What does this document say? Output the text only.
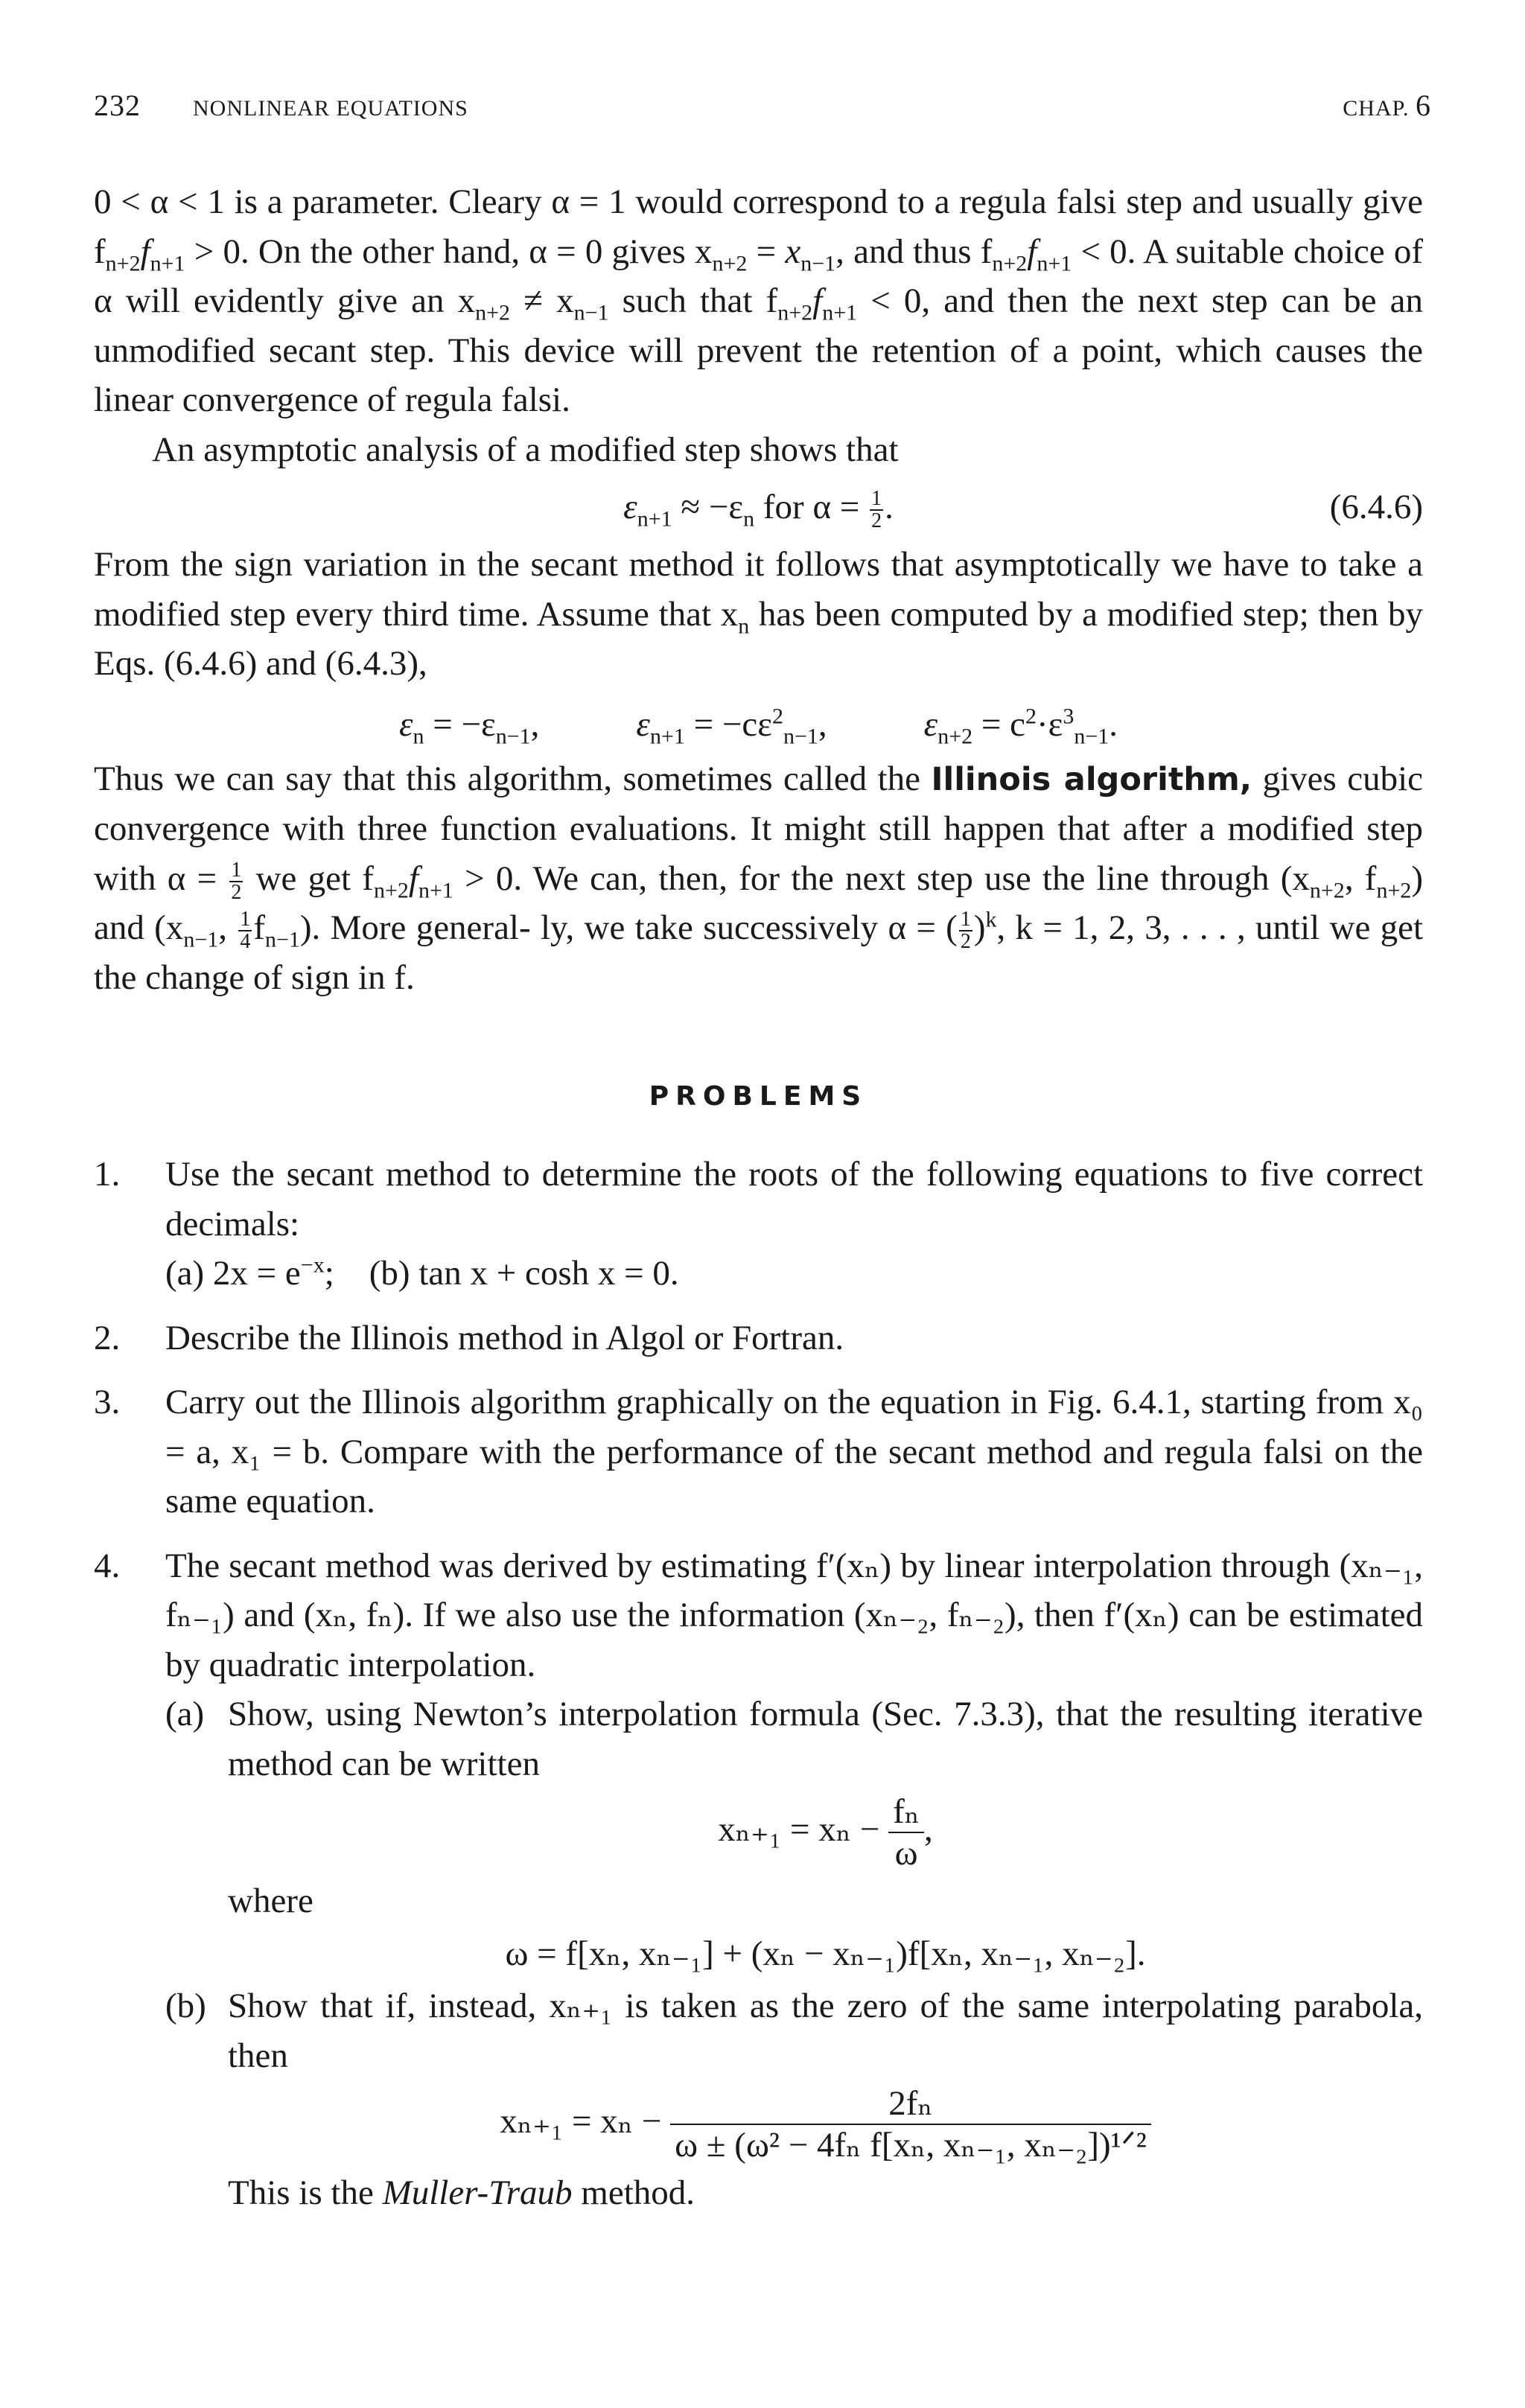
232 NONLINEAR EQUATIONS	CHAP. 6

0 < α < 1 is a parameter. Cleary α = 1 would correspond to a regula falsi step and usually give $f_{n+2}f_{n+1} > 0$. On the other hand, α = 0 gives $x_{n+2} = x_{n-1}$, and thus $f_{n+2}f_{n+1} < 0$. A suitable choice of α will evidently give an $x_{n+2} \ne x_{n-1}$ such that $f_{n+2}f_{n+1} < 0$, and then the next step can be an unmodified secant step. This device will prevent the retention of a point, which causes the linear convergence of regula falsi.

An asymptotic analysis of a modified step shows that

$\varepsilon_{n+1} \approx -\varepsilon_n$ for $\alpha = \frac{1}{2}$ .	(6.4.6)

From the sign variation in the secant method it follows that asymptotically we have to take a modified step every third time. Assume that $x_n$ has been computed by a modified step; then by Eqs. (6.4.6) and (6.4.3),

$\varepsilon_n = -\varepsilon_{n-1}$,	$\varepsilon_{n+1} = -c\varepsilon^2_{n-1}$,	$\varepsilon_{n+2} = c^2\cdot\varepsilon^3_{n-1}$.

Thus we can say that this algorithm, sometimes called the Illinois algorithm, gives cubic convergence with three function evaluations. It might still happen that after a modified step with $\alpha = \frac{1}{2}$ we get $f_{n+2}f_{n+1} > 0$. We can, then, for the next step use the line through ($x_{n+2}$, $f_{n+2}$) and ($x_{n-1}$, $\frac{1}{4} f_{n-1}$). More general- ly, we take successively α = ( $\frac{1}{2} )^k$, k = 1, 2, 3, . . . , until we get the change of sign in f.

PROBLEMS
1.	Use the secant method to determine the roots of the following equations to five correct decimals:
(a) $2x = e^{-x}$; (b) tan x + cosh x = 0.
2.	Describe the Illinois method in Algol or Fortran.
3.	Carry out the Illinois algorithm graphically on the equation in Fig. 6.4.1, starting from x₀ = a, x₁ = b. Compare with the performance of the secant method and regula falsi on the same equation.
4.	The secant method was derived by estimating f′(xₙ) by linear interpolation through (xₙ₋₁, fₙ₋₁) and (xₙ, fₙ). If we also use the information (xₙ₋₂, fₙ₋₂), then f′(xₙ) can be estimated by quadratic interpolation.
(a) Show, using Newton’s interpolation formula (Sec. 7.3.3), that the resulting iterative method can be written
$x_{n+1} = x_n - \frac{\text{fₙ}}{\omega}$ ,
where
ω = f[xₙ, xₙ₋₁] + (xₙ − xₙ₋₁)f[xₙ, xₙ₋₁, xₙ₋₂].
(b) Show that if, instead, xₙ₊₁ is taken as the zero of the same interpolating parabola, then
xₙ₊₁ = xₙ −	2fₙ
ω ± (ω² − 4fₙ f[xₙ, xₙ₋₁, xₙ₋₂])¹ᐟ²
This is the Muller-Traub method.
